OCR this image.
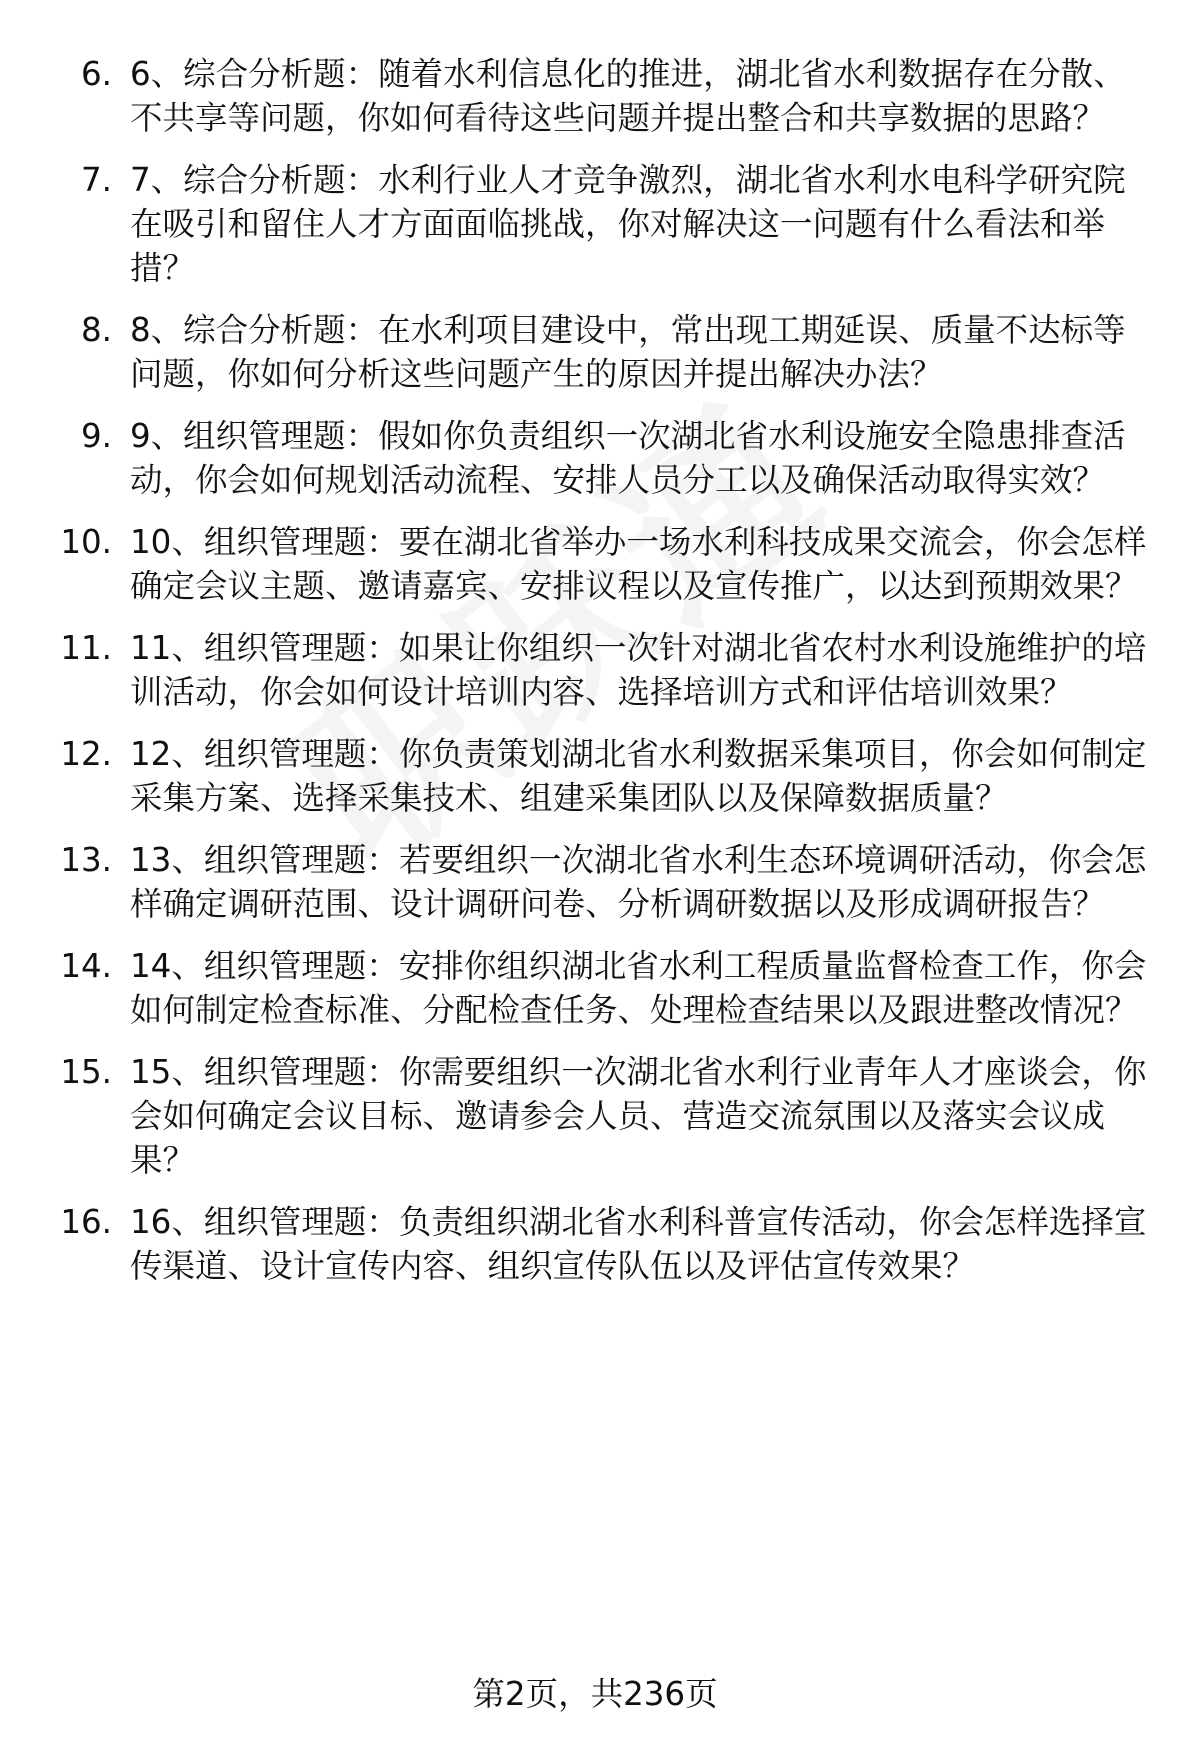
6. 6、综合分析题：随着水利信息化的推进，湖北省水利数据存在分散、不共享等问题，你如何看待这些问题并提出整合和共享数据的思路？
7. 7、综合分析题：水利行业人才竞争激烈，湖北省水利水电科学研究院在吸引和留住人才方面面临挑战，你对解决这一问题有什么看法和举措？
8. 8、综合分析题：在水利项目建设中，常出现工期延误、质量不达标等问题，你如何分析这些问题产生的原因并提出解决办法？
9. 9、组织管理题：假如你负责组织一次湖北省水利设施安全隐患排查活动，你会如何规划活动流程、安排人员分工以及确保活动取得实效？
10. 10、组织管理题：要在湖北省举办一场水利科技成果交流会，你会怎样确定会议主题、邀请嘉宾、安排议程以及宣传推广，以达到预期效果？
11. 11、组织管理题：如果让你组织一次针对湖北省农村水利设施维护的培训活动，你会如何设计培训内容、选择培训方式和评估培训效果？
12. 12、组织管理题：你负责策划湖北省水利数据采集项目，你会如何制定采集方案、选择采集技术、组建采集团队以及保障数据质量？
13. 13、组织管理题：若要组织一次湖北省水利生态环境调研活动，你会怎样确定调研范围、设计调研问卷、分析调研数据以及形成调研报告？
14. 14、组织管理题：安排你组织湖北省水利工程质量监督检查工作，你会如何制定检查标准、分配检查任务、处理检查结果以及跟进整改情况？
15. 15、组织管理题：你需要组织一次湖北省水利行业青年人才座谈会，你会如何确定会议目标、邀请参会人员、营造交流氛围以及落实会议成果？
16. 16、组织管理题：负责组织湖北省水利科普宣传活动，你会怎样选择宣传渠道、设计宣传内容、组织宣传队伍以及评估宣传效果？
第2页，共236页
